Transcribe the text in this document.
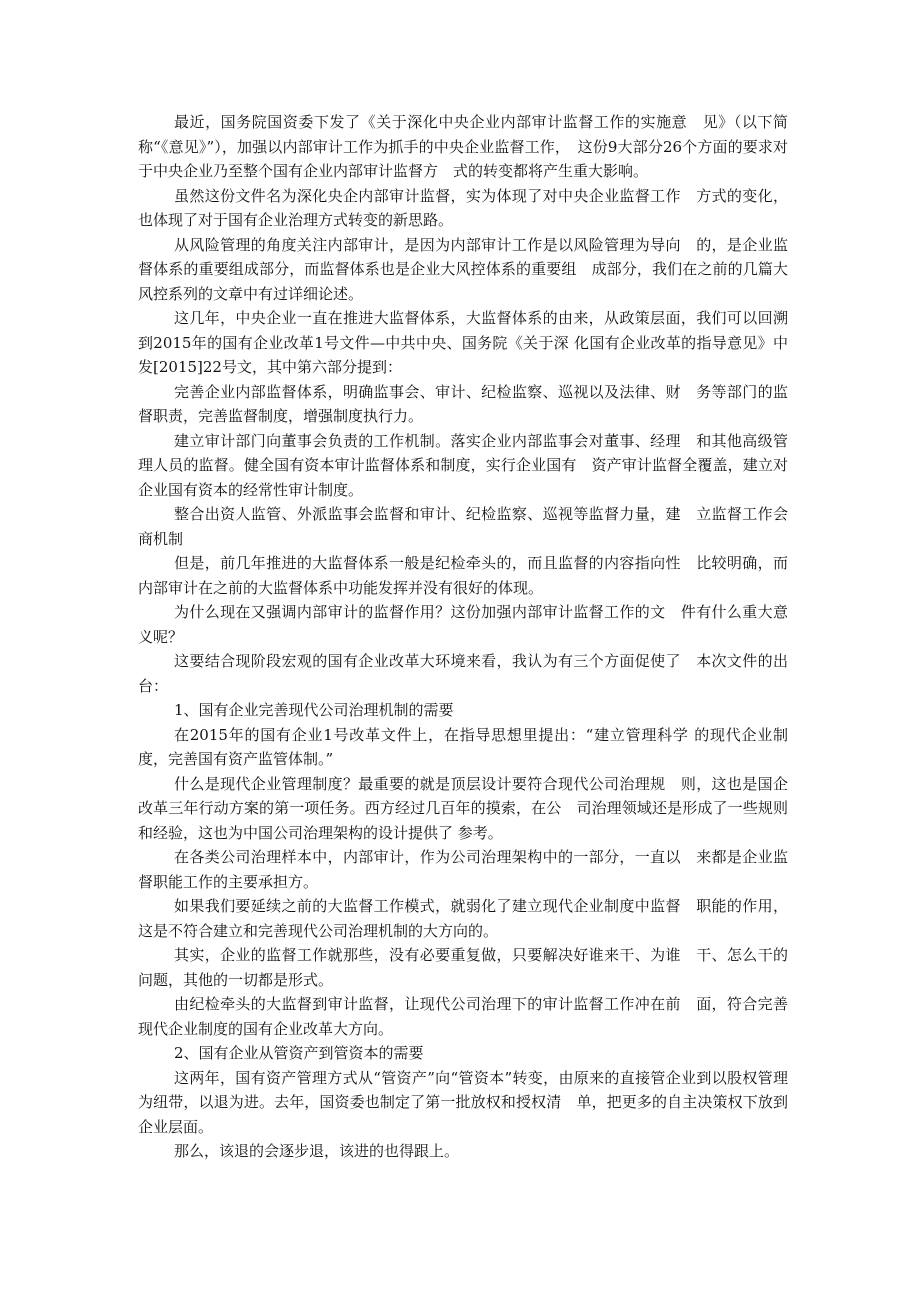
最近，国务院国资委下发了《关于深化中央企业内部审计监督工作的实施意　见》（以下简称“《意见》”），加强以内部审计工作为抓手的中央企业监督工作，　这份9大部分26个方面的要求对于中央企业乃至整个国有企业内部审计监督方　式的转变都将产生重大影响。

虽然这份文件名为深化央企内部审计监督，实为体现了对中央企业监督工作　方式的变化，也体现了对于国有企业治理方式转变的新思路。

从风险管理的角度关注内部审计，是因为内部审计工作是以风险管理为导向　的，是企业监督体系的重要组成部分，而监督体系也是企业大风控体系的重要组　成部分，我们在之前的几篇大风控系列的文章中有过详细论述。

这几年，中央企业一直在推进大监督体系，大监督体系的由来，从政策层面，我们可以回溯到2015年的国有企业改革1号文件—中共中央、国务院《关于深 化国有企业改革的指导意见》中发[2015]22号文，其中第六部分提到：

完善企业内部监督体系，明确监事会、审计、纪检监察、巡视以及法律、财　务等部门的监督职责，完善监督制度，增强制度执行力。

建立审计部门向董事会负责的工作机制。落实企业内部监事会对董事、经理　和其他高级管理人员的监督。健全国有资本审计监督体系和制度，实行企业国有　资产审计监督全覆盖，建立对企业国有资本的经常性审计制度。

整合出资人监管、外派监事会监督和审计、纪检监察、巡视等监督力量，建　立监督工作会商机制

但是，前几年推进的大监督体系一般是纪检牵头的，而且监督的内容指向性　比较明确，而内部审计在之前的大监督体系中功能发挥并没有很好的体现。

为什么现在又强调内部审计的监督作用？这份加强内部审计监督工作的文　件有什么重大意义呢？

这要结合现阶段宏观的国有企业改革大环境来看，我认为有三个方面促使了　本次文件的出台：

1、国有企业完善现代公司治理机制的需要

在2015年的国有企业1号改革文件上，在指导思想里提出：“建立管理科学 的现代企业制度，完善国有资产监管体制。”

什么是现代企业管理制度？最重要的就是顶层设计要符合现代公司治理规　则，这也是国企改革三年行动方案的第一项任务。西方经过几百年的摸索，在公　司治理领域还是形成了一些规则和经验，这也为中国公司治理架构的设计提供了 参考。

在各类公司治理样本中，内部审计，作为公司治理架构中的一部分，一直以　来都是企业监督职能工作的主要承担方。

如果我们要延续之前的大监督工作模式，就弱化了建立现代企业制度中监督　职能的作用，这是不符合建立和完善现代公司治理机制的大方向的。

其实，企业的监督工作就那些，没有必要重复做，只要解决好谁来干、为谁　干、怎么干的问题，其他的一切都是形式。

由纪检牵头的大监督到审计监督，让现代公司治理下的审计监督工作冲在前　面，符合完善现代企业制度的国有企业改革大方向。

2、国有企业从管资产到管资本的需要

这两年，国有资产管理方式从“管资产”向“管资本”转变，由原来的直接管企业到以股权管理为纽带，以退为进。去年，国资委也制定了第一批放权和授权清　单，把更多的自主决策权下放到企业层面。

那么，该退的会逐步退，该进的也得跟上。
